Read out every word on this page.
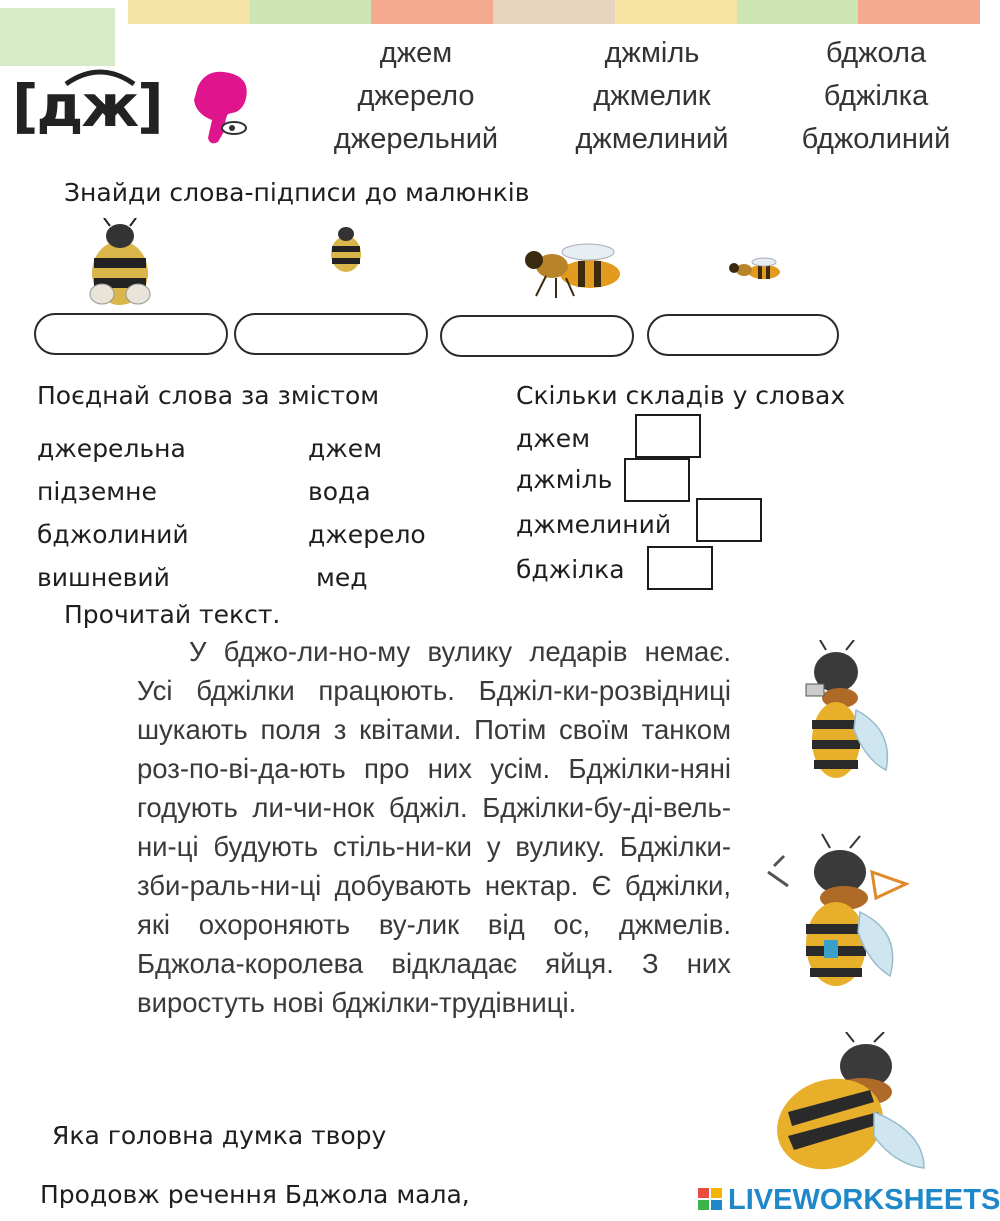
[дж]
джем
джерело
джерельний
джміль
джмелик
джмелиний
бджола
бджілка
бджолиний
Знайди слова-підписи до малюнків
Поєднай слова за змістом
джерельна
підземне
бджолиний
вишневий
джем
вода
джерело
мед
Скільки складів у словах
джем
джміль
джмелиний
бджілка
Прочитай текст.

У бджо-ли-но-му вулику ледарів немає. Усі бджілки працюють. Бджіл-ки-розвідниці шукають поля з квітами. Потім своїм танком роз-по-ві-да-ють про них усім. Бджілки-няні годують ли-чи-нок бджіл. Бджілки-бу-ді-вель-ни-ці будують стіль-ни-ки у вулику. Бджілки-зби-раль-ни-ці добувають нектар. Є бджілки, які охороняють ву-лик від ос, джмелів. Бджола-королева відкладає яйця. З них виростуть нові бджілки-трудівниці.

Яка головна думка твору
Продовж речення Бджола мала,	LIVEWORKSHEETS
